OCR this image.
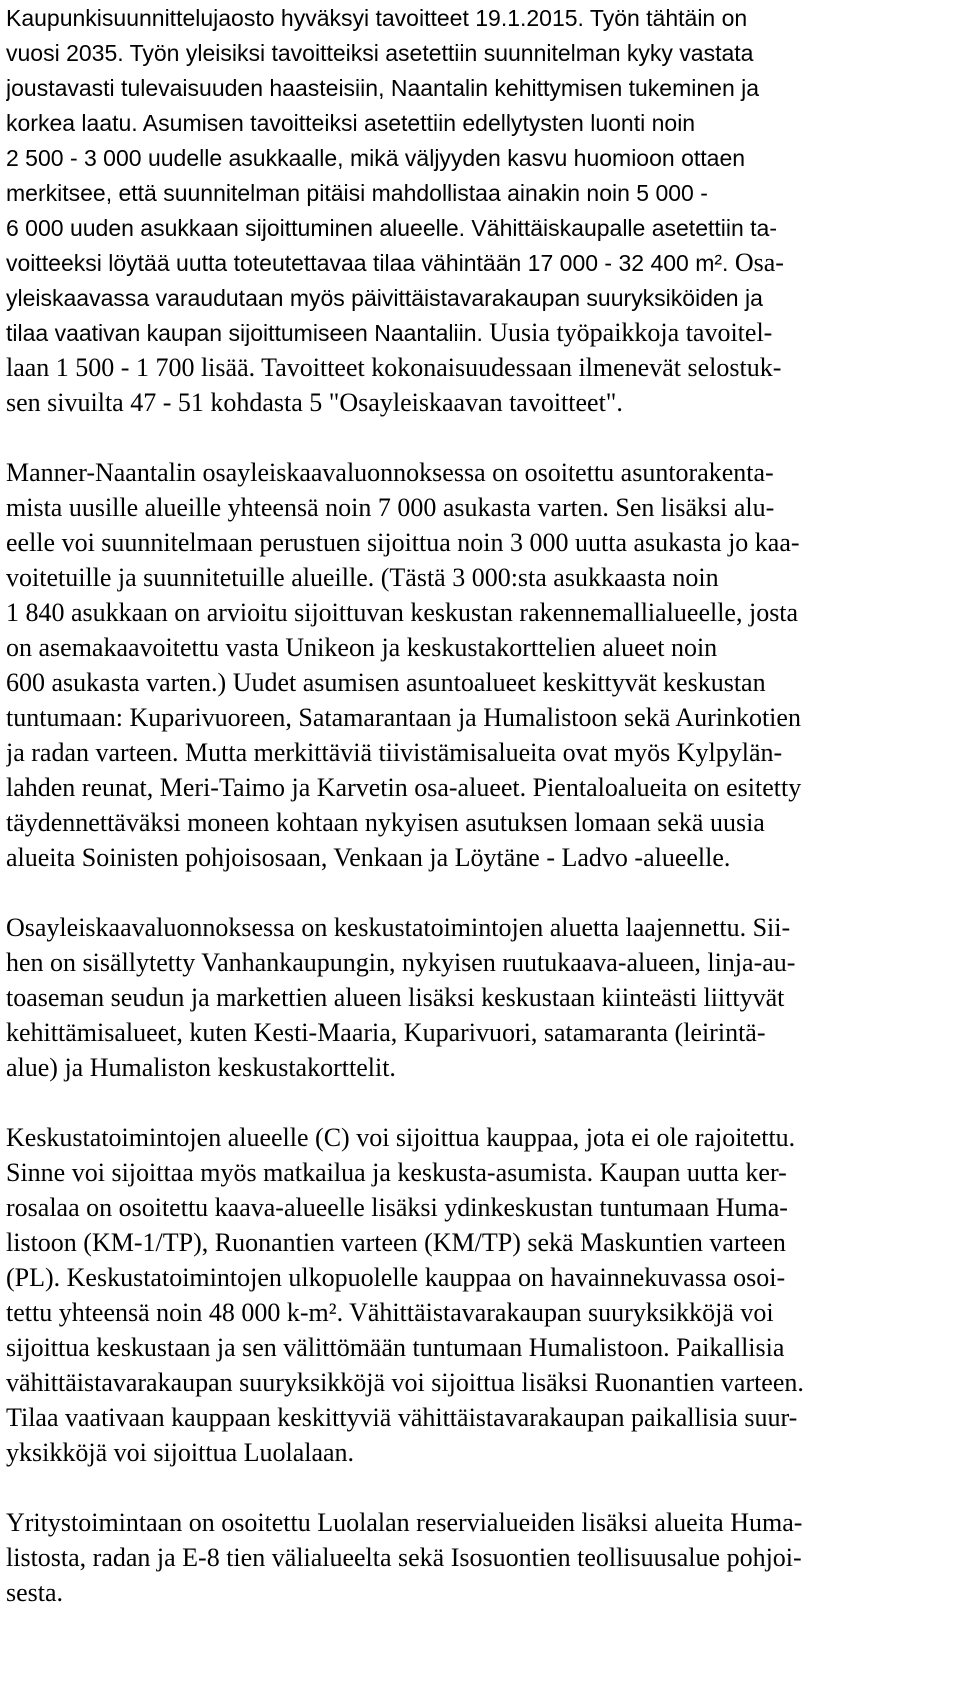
Kaupunkisuunnittelujaosto hyväksyi tavoitteet 19.1.2015. Työn tähtäin on
vuosi 2035. Työn yleisiksi tavoitteiksi asetettiin suunnitelman kyky vastata
joustavasti tulevaisuuden haasteisiin, Naantalin kehittymisen tukeminen ja
korkea laatu. Asumisen tavoitteiksi asetettiin edellytysten luonti noin
2 500 - 3 000 uudelle asukkaalle, mikä väljyyden kasvu huomioon ottaen
merkitsee, että suunnitelman pitäisi mahdollistaa ainakin noin 5 000 -
6 000 uuden asukkaan sijoittuminen alueelle. Vähittäiskaupalle asetettiin ta-
voitteeksi löytää uutta toteutettavaa tilaa vähintään 17 000 - 32 400 m². Osa-
yleiskaavassa varaudutaan myös päivittäistavarakaupan suuryksiköiden ja
tilaa vaativan kaupan sijoittumiseen Naantaliin. Uusia työpaikkoja tavoitel-
laan 1 500 - 1 700 lisää. Tavoitteet kokonaisuudessaan ilmenevät selostuk-
sen sivuilta 47 - 51 kohdasta 5 "Osayleiskaavan tavoitteet".
Manner-Naantalin osayleiskaavaluonnoksessa on osoitettu asuntorakenta-
mista uusille alueille yhteensä noin 7 000 asukasta varten. Sen lisäksi alu-
eelle voi suunnitelmaan perustuen sijoittua noin 3 000 uutta asukasta jo kaa-
voitetuille ja suunnitetuille alueille. (Tästä 3 000:sta asukkaasta noin
1 840 asukkaan on arvioitu sijoittuvan keskustan rakennemallialueelle, josta
on asemakaavoitettu vasta Unikeon ja keskustakorttelien alueet noin
600 asukasta varten.) Uudet asumisen asuntoalueet keskittyvät keskustan
tuntumaan: Kuparivuoreen, Satamarantaan ja Humalistoon sekä Aurinkotien
ja radan varteen. Mutta merkittäviä tiivistämisalueita ovat myös Kylpylän-
lahden reunat, Meri-Taimo ja Karvetin osa-alueet. Pientaloalueita on esitetty
täydennettäväksi moneen kohtaan nykyisen asutuksen lomaan sekä uusia
alueita Soinisten pohjoisosaan, Venkaan ja Löytäne - Ladvo -alueelle.
Osayleiskaavaluonnoksessa on keskustatoimintojen aluetta laajennettu. Sii-
hen on sisällytetty Vanhankaupungin, nykyisen ruutukaava-alueen, linja-au-
toaseman seudun ja markettien alueen lisäksi keskustaan kiinteästi liittyvät
kehittämisalueet, kuten Kesti-Maaria, Kuparivuori, satamaranta (leirintä-
alue) ja Humaliston keskustakorttelit.
Keskustatoimintojen alueelle (C) voi sijoittua kauppaa, jota ei ole rajoitettu.
Sinne voi sijoittaa myös matkailua ja keskusta-asumista. Kaupan uutta ker-
rosalaa on osoitettu kaava-alueelle lisäksi ydinkeskustan tuntumaan Huma-
listoon (KM-1/TP), Ruonantien varteen (KM/TP) sekä Maskuntien varteen
(PL). Keskustatoimintojen ulkopuolelle kauppaa on havainnekuvassa osoi-
tettu yhteensä noin 48 000 k-m². Vähittäistavarakaupan suuryksikköjä voi
sijoittua keskustaan ja sen välittömään tuntumaan Humalistoon. Paikallisia
vähittäistavarakaupan suuryksikköjä voi sijoittua lisäksi Ruonantien varteen.
Tilaa vaativaan kauppaan keskittyviä vähittäistavarakaupan paikallisia suur-
yksikköjä voi sijoittua Luolalaan.
Yritystoimintaan on osoitettu Luolalan reservialueiden lisäksi alueita Huma-
listosta, radan ja E-8 tien välialueelta sekä Isosuontien teollisuusalue pohjoi-
sesta.
